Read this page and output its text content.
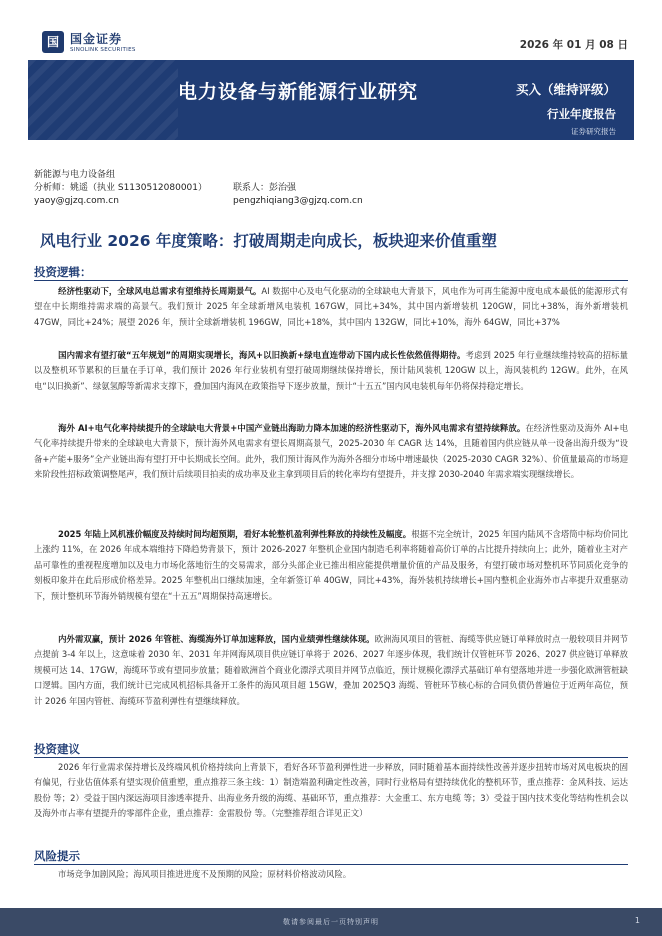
国 国金证券
SINOLINK SECURITIES	2026 年 01 月 08 日
电力设备与新能源行业研究	买入（维持评级）
行业年度报告
证券研究报告
新能源与电力设备组
分析师：姚遥（执业 S1130512080001）
yaoy@gjzq.com.cn
联系人：彭治强
pengzhiqiang3@gjzq.com.cn
风电行业 2026 年度策略：打破周期走向成长，板块迎来价值重塑
投资逻辑：
经济性驱动下，全球风电总需求有望维持长周期景气。AI 数据中心及电气化驱动的全球缺电大背景下，风电作为可再生能源中度电成本最低的能源形式有望在中长期维持需求端的高景气。我们预计 2025 年全球新增风电装机 167GW，同比+34%，其中国内新增装机 120GW，同比+38%，海外新增装机 47GW，同比+24%；展望 2026 年，预计全球新增装机 196GW，同比+18%，其中国内 132GW，同比+10%，海外 64GW，同比+37%
国内需求有望打破“五年规划”的周期实现增长，海风+以旧换新+绿电直连带动下国内成长性依然值得期待。考虑到 2025 年行业继续维持较高的招标量以及整机环节累积的巨量在手订单，我们预计 2026 年行业装机有望打破周期继续保持增长，预计陆风装机 120GW 以上，海风装机约 12GW。此外，在风电“以旧换新”、绿氨氢醇等新需求支撑下，叠加国内海风在政策指导下逐步放量，预计“十五五”国内风电装机每年仍将保持稳定增长。
海外 AI+电气化率持续提升的全球缺电大背景+中国产业链出海助力降本加速的经济性驱动下，海外风电需求有望持续释放。在经济性驱动及海外 AI+电气化率持续提升带来的全球缺电大背景下，预计海外风电需求有望长周期高景气，2025-2030 年 CAGR 达 14%，且随着国内供应链从单一设备出海升级为“设备+产能+服务”全产业链出海有望打开中长期成长空间。此外，我们预计海风作为海外各细分市场中增速最快（2025-2030 CAGR 32%）、价值量最高的市场迎来阶段性招标政策调整尾声，我们预计后续项目拍卖的成功率及业主拿到项目后的转化率均有望提升，并支撑 2030-2040 年需求端实现继续增长。
2025 年陆上风机涨价幅度及持续时间均超预期，看好本轮整机盈利弹性释放的持续性及幅度。根据不完全统计，2025 年国内陆风不含塔筒中标均价同比上涨约 11%，在 2026 年成本端维持下降趋势背景下，预计 2026-2027 年整机企业国内制造毛利率将随着高价订单的占比提升持续向上；此外，随着业主对产品可靠性的重视程度增加以及电力市场化落地衍生的交易需求，部分头部企业已推出相应能提供增量价值的产品及服务，有望打破市场对整机环节同质化竞争的刻板印象并在此后形成价格差异。2025 年整机出口继续加速，全年新签订单 40GW，同比+43%，海外装机持续增长+国内整机企业海外市占率提升双重驱动下，预计整机环节海外销规模有望在“十五五”周期保持高速增长。
内外需双赢，预计 2026 年管桩、海缆海外订单加速释放，国内业绩弹性继续体现。欧洲海风项目的管桩、海缆等供应链订单释放时点一般较项目并网节点提前 3-4 年以上，这意味着 2030 年、2031 年并网海风项目供应链订单将于 2026、2027 年逐步体现，我们统计仅管桩环节 2026、2027 供应链订单释放规模可达 14、17GW，海缆环节或有望同步放量；随着欧洲首个商业化漂浮式项目并网节点临近，预计规模化漂浮式基础订单有望落地并进一步强化欧洲管桩缺口逻辑。国内方面，我们统计已完成风机招标具备开工条件的海风项目超 15GW，叠加 2025Q3 海缆、管桩环节核心标的合同负债仍普遍位于近两年高位，预计 2026 年国内管桩、海缆环节盈利弹性有望继续释放。
投资建议
2026 年行业需求保持增长及终端风机价格持续向上背景下，看好各环节盈利弹性进一步释放，同时随着基本面持续性改善并逐步扭转市场对风电板块的固有偏见，行业估值体系有望实现价值重塑，重点推荐三条主线：1）制造端盈利确定性改善，同时行业格局有望持续优化的整机环节，重点推荐：金风科技、运达股份 等；2）受益于国内深远海项目渗透率提升、出海业务升级的海缆、基础环节，重点推荐：大金重工、东方电缆 等；3）受益于国内技术变化等结构性机会以及海外市占率有望提升的零部件企业，重点推荐：金雷股份 等。（完整推荐组合详见正文）
风险提示
市场竞争加剧风险；海风项目推进进度不及预期的风险；原材料价格波动风险。
敬请参阅最后一页特别声明	1
